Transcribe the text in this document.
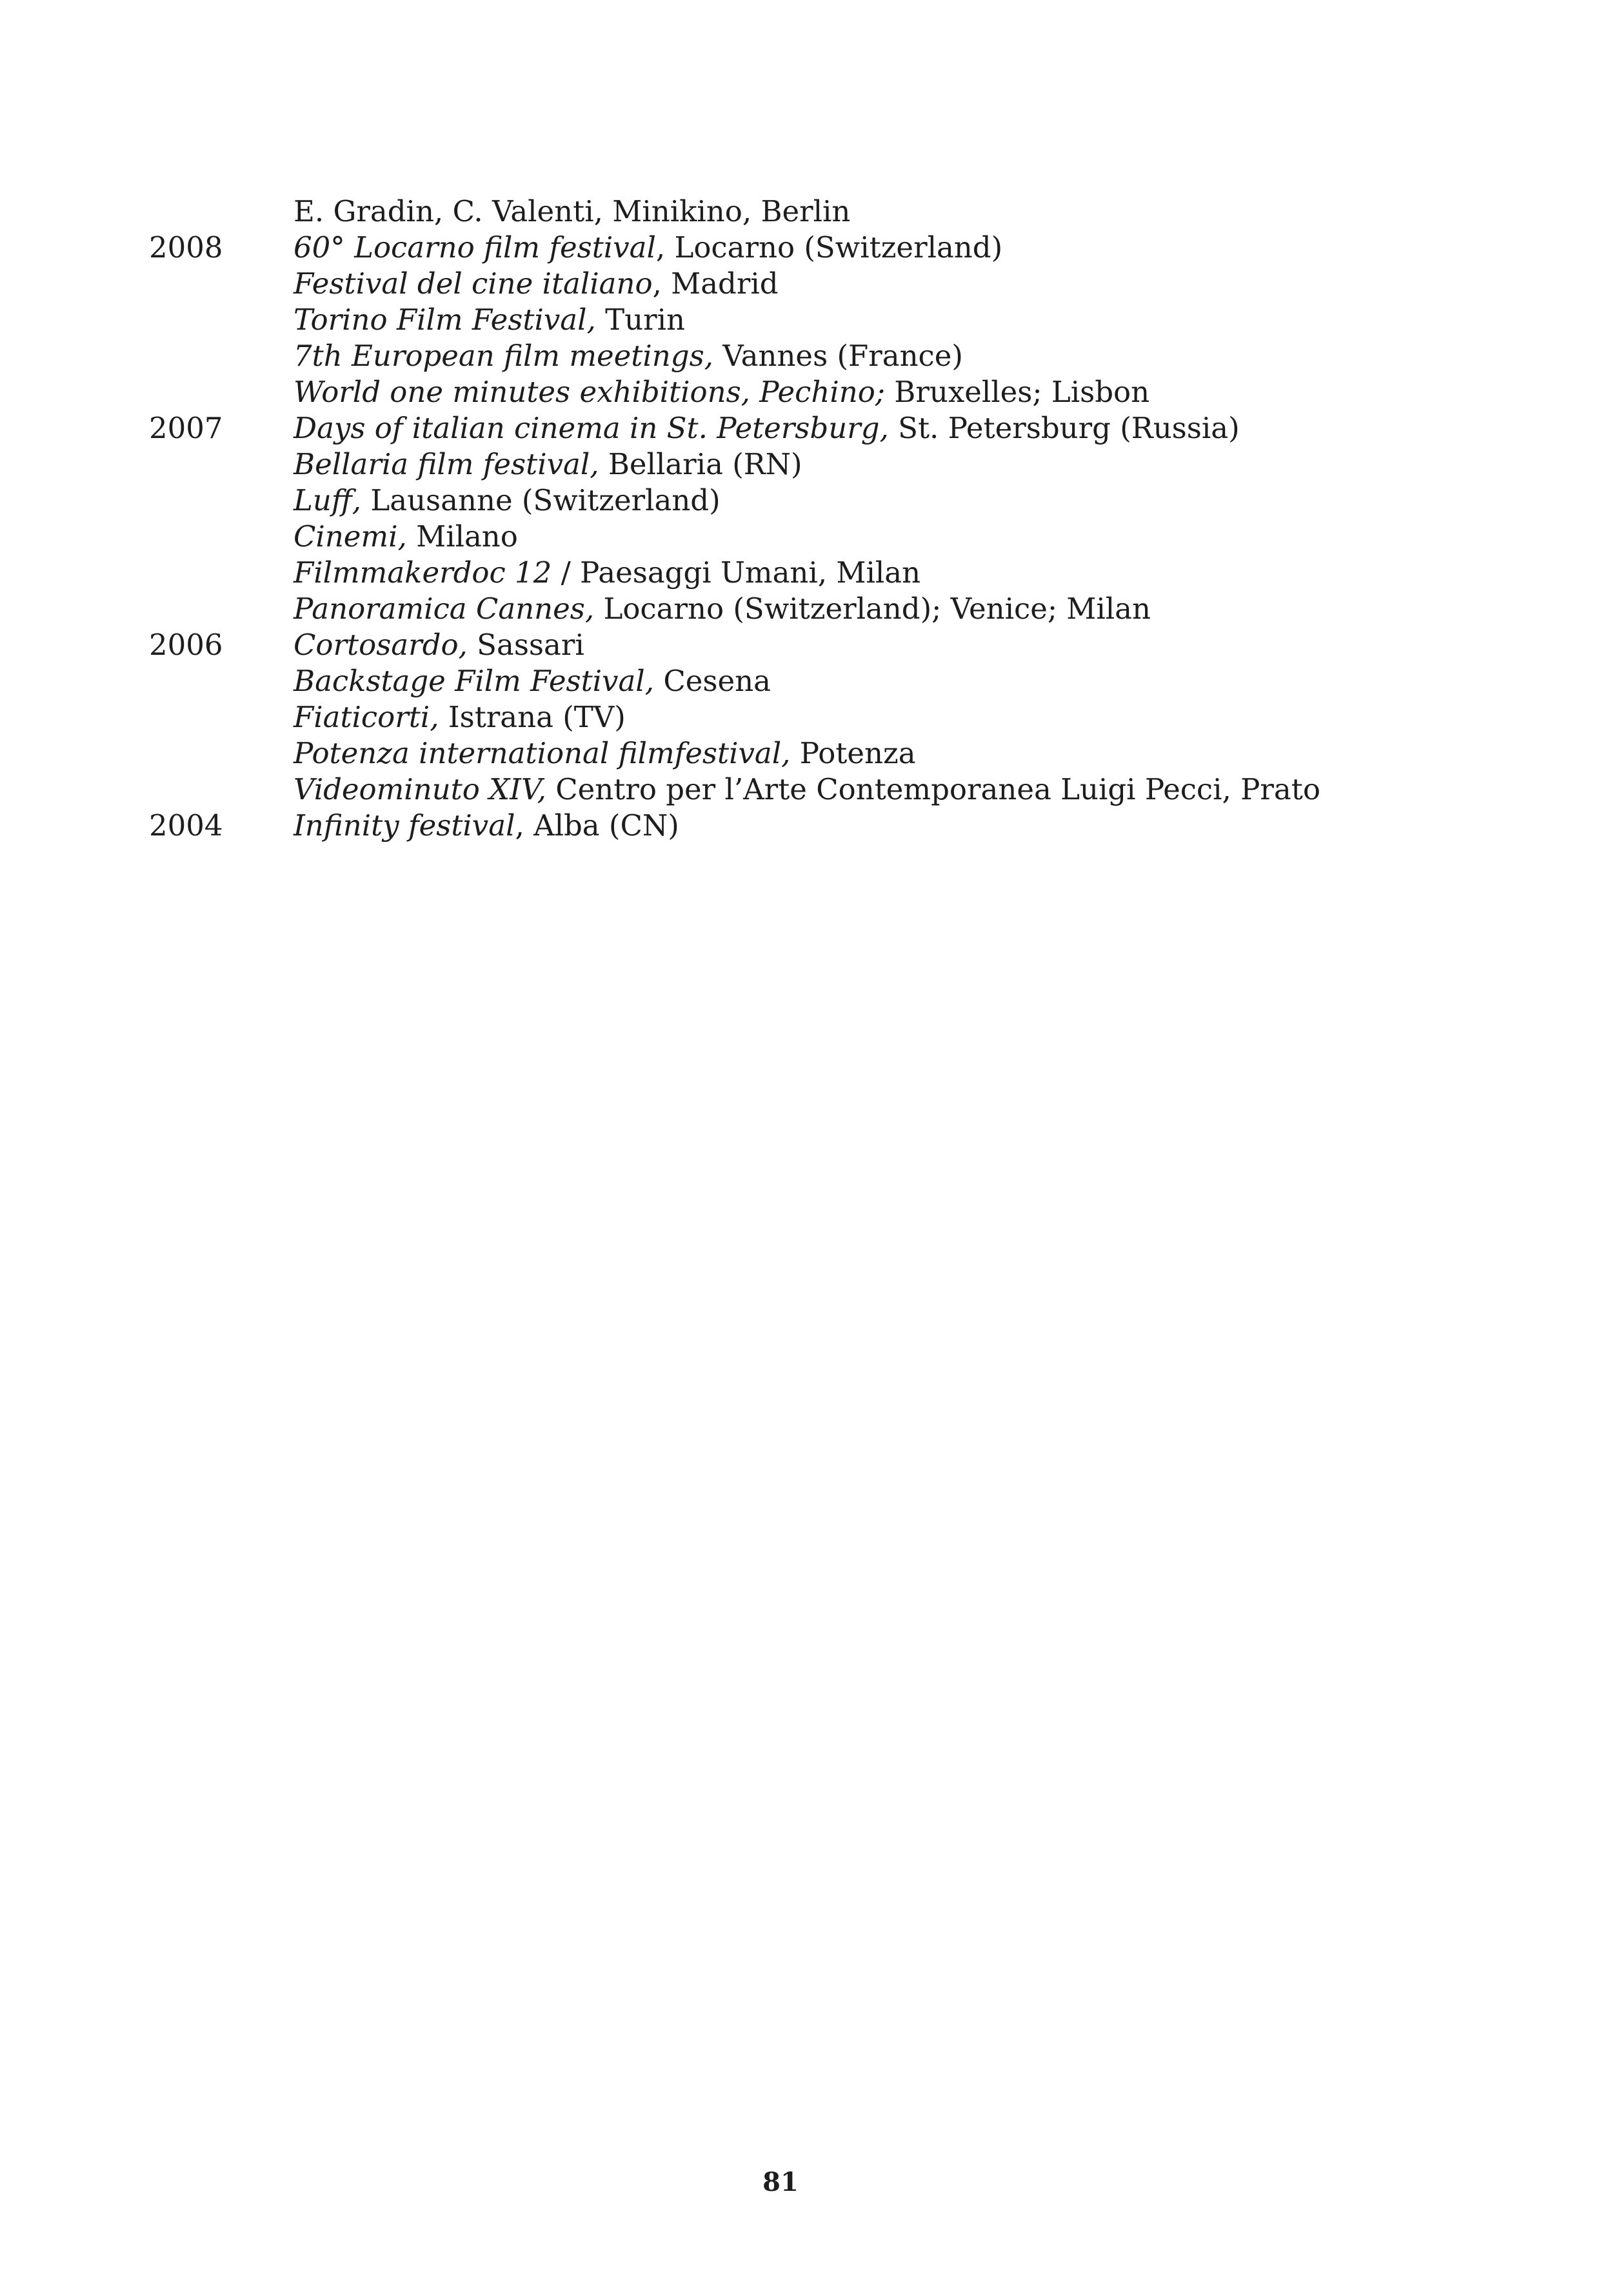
E. Gradin, C. Valenti, Minikino, Berlin
2008	60° Locarno film festival, Locarno (Switzerland)
Festival del cine italiano, Madrid
Torino Film Festival, Turin
7th European film meetings, Vannes (France)
World one minutes exhibitions, Pechino; Bruxelles; Lisbon
2007	Days of italian cinema in St. Petersburg, St. Petersburg (Russia)
Bellaria film festival, Bellaria (RN)
Luff, Lausanne (Switzerland)
Cinemi, Milano
Filmmakerdoc 12 / Paesaggi Umani, Milan
Panoramica Cannes, Locarno (Switzerland); Venice; Milan
2006	Cortosardo, Sassari
Backstage Film Festival, Cesena
Fiaticorti, Istrana (TV)
Potenza international filmfestival, Potenza
Videominuto XIV, Centro per l’Arte Contemporanea Luigi Pecci, Prato
2004	Infinity festival, Alba (CN)
81
